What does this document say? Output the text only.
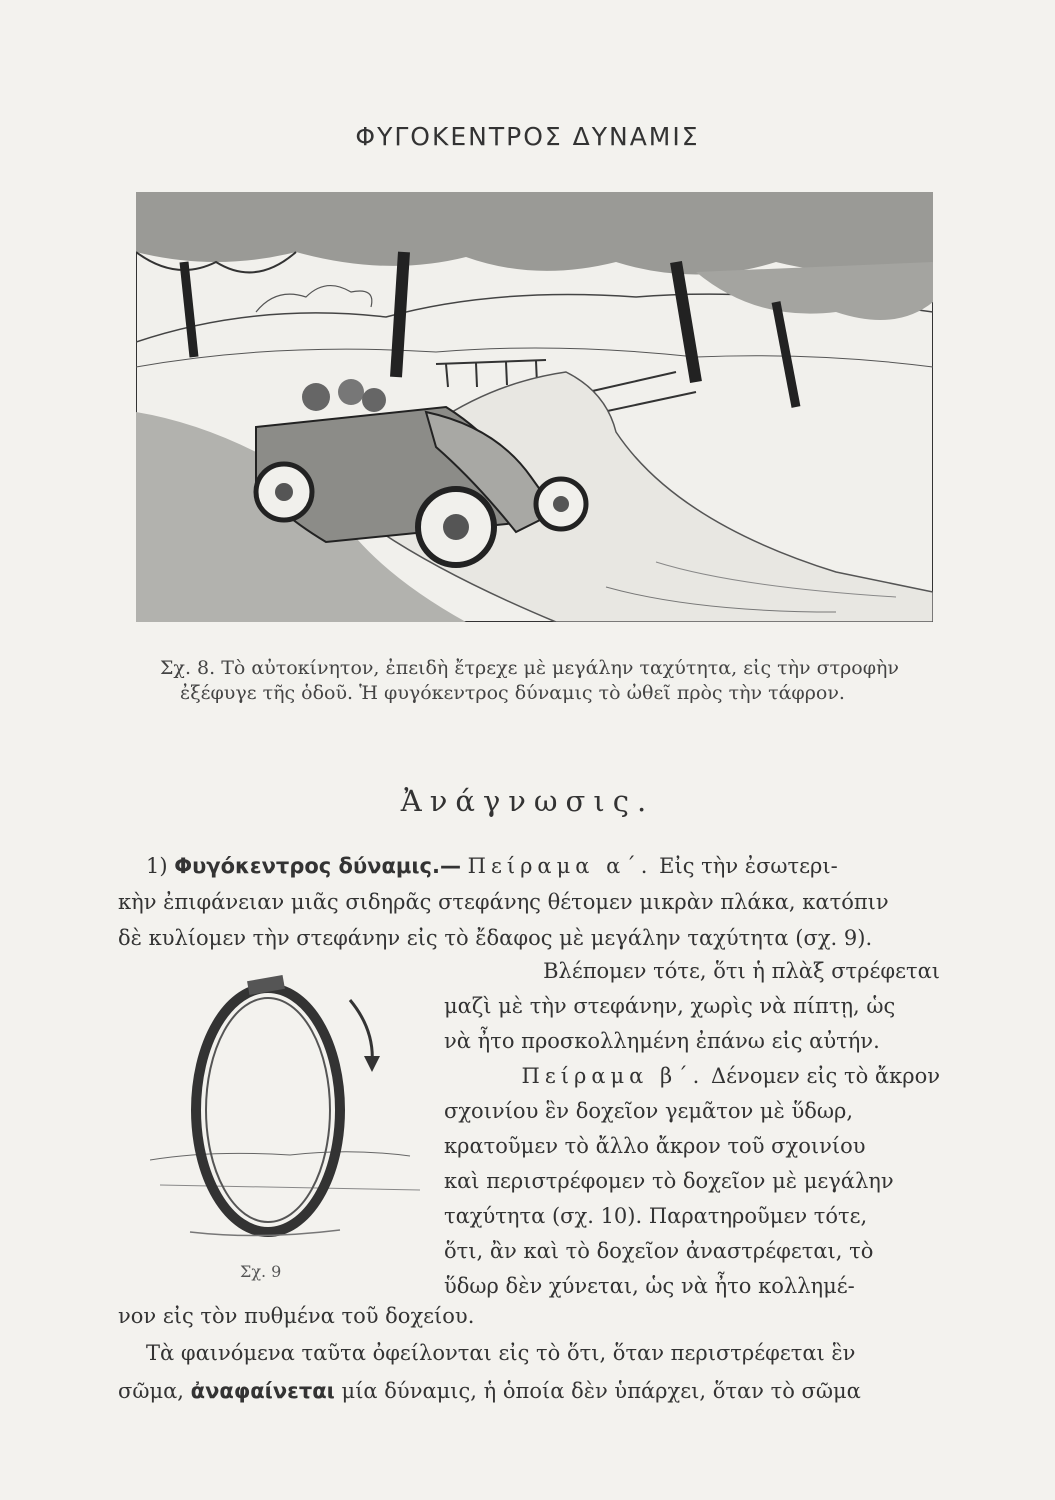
ΦΥΓΟΚΕΝΤΡΟΣ ΔΥΝΑΜΙΣ
Σχ. 8. Τὸ αὐτοκίνητον, ἐπειδὴ ἔτρεχε μὲ μεγάλην ταχύτητα, εἰς τὴν στροφὴν
ἐξέφυγε τῆς ὁδοῦ. Ἡ φυγόκεντρος δύναμις τὸ ὠθεῖ πρὸς τὴν τάφρον.
Ἀνάγνωσις.
1) Φυγόκεντρος δύναμις.— Πείραμα α΄. Εἰς τὴν ἐσωτερι-
κὴν ἐπιφάνειαν μιᾶς σιδηρᾶς στεφάνης θέτομεν μικρὰν πλάκα, κατόπιν
δὲ κυλίομεν τὴν στεφάνην εἰς τὸ ἔδαφος μὲ μεγάλην ταχύτητα (σχ. 9).
Σχ. 9
Βλέπομεν τότε, ὅτι ἡ πλὰξ στρέφεται
μαζὶ μὲ τὴν στεφάνην, χωρὶς νὰ πίπτῃ, ὡς
νὰ ἦτο προσκολλημένη ἐπάνω εἰς αὐτήν.
Πείραμα β΄. Δένομεν εἰς τὸ ἄκρον
σχοινίου ἓν δοχεῖον γεμᾶτον μὲ ὕδωρ,
κρατοῦμεν τὸ ἄλλο ἄκρον τοῦ σχοινίου
καὶ περιστρέφομεν τὸ δοχεῖον μὲ μεγάλην
ταχύτητα (σχ. 10). Παρατηροῦμεν τότε,
ὅτι, ἂν καὶ τὸ δοχεῖον ἀναστρέφεται, τὸ
ὕδωρ δὲν χύνεται, ὡς νὰ ἦτο κολλημέ-
νον εἰς τὸν πυθμένα τοῦ δοχείου.
Τὰ φαινόμενα ταῦτα ὀφείλονται εἰς τὸ ὅτι, ὅταν περιστρέφεται ἓν
σῶμα, ἀναφαίνεται μία δύναμις, ἡ ὁποία δὲν ὑπάρχει, ὅταν τὸ σῶμα
